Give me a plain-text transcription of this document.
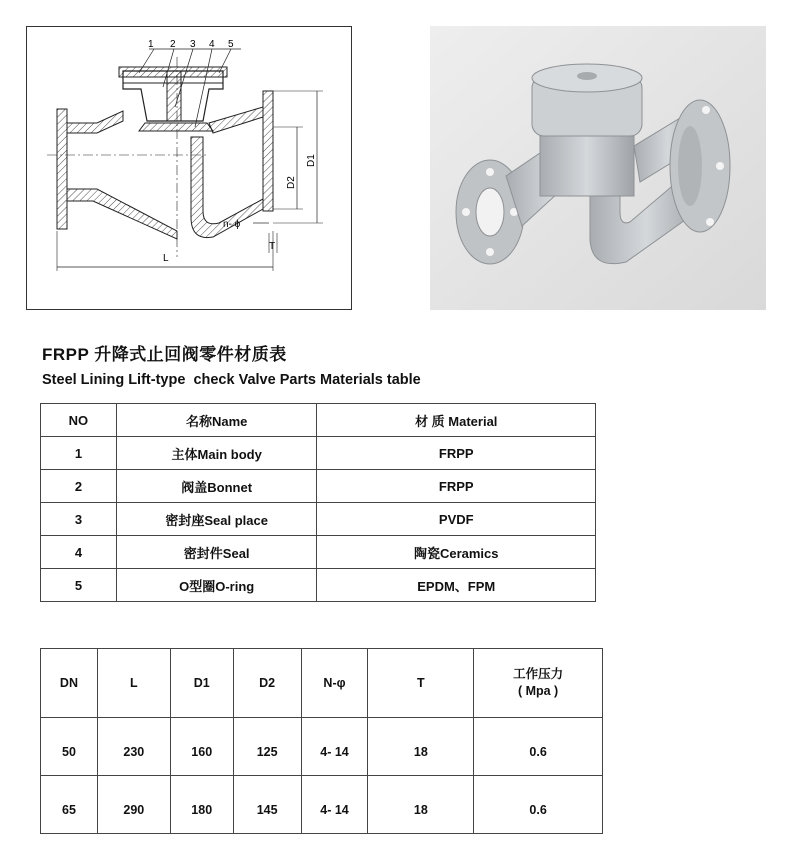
1 2 3 4 5
D1
D2
n- ϕ
T
L
FRPP 升降式止回阀零件材质表
Steel Lining Lift-type  check Valve Parts Materials table
NO	名称Name	材 质 Material
1	主体Main body	FRPP
2	阀盖Bonnet	FRPP
3	密封座Seal place	PVDF
4	密封件Seal	陶瓷Ceramics
5	O型圈O-ring	EPDM、FPM
DN	L	D1	D2	N-φ	T	工作压力
( Mpa )
50	230	160	125	4- 14	18	0.6
65	290	180	145	4- 14	18	0.6
